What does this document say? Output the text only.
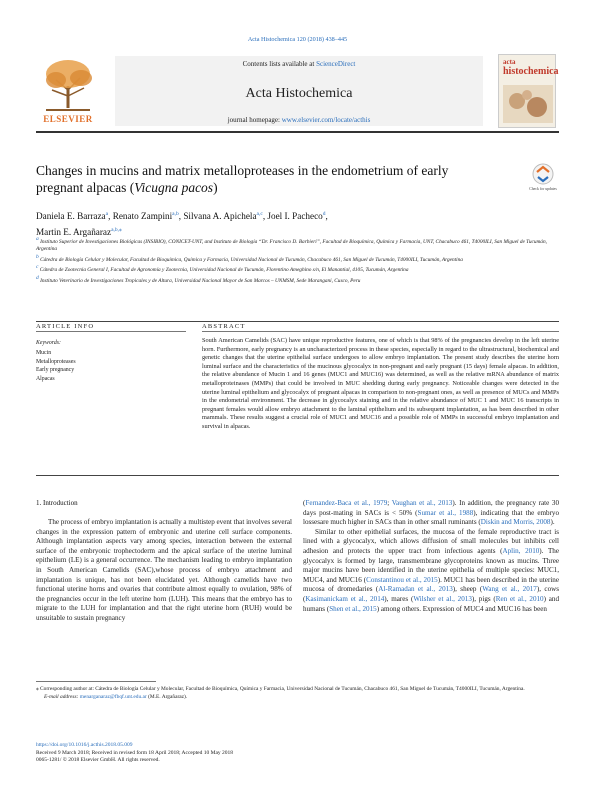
Acta Histochemica 120 (2018) 438–445
ELSEVIER
Contents lists available at ScienceDirect
Acta Histochemica
journal homepage: www.elsevier.com/locate/acthis
acta
histochemica
Changes in mucins and matrix metalloproteases in the endometrium of early pregnant alpacas (Vicugna pacos)	Check for updates
Daniela E. Barraza$^a$, Renato Zampini$^{a,b}$, Silvana A. Apichela$^{a,c}$, Joel I. Pacheco$^d$,
Martin E. Argañaraz$^{a,b,⁎}$
$^a$ Instituto Superior de Investigaciones Biológicas (INSIBIO), CONICET-UNT, and Instituto de Biología “Dr. Francisco D. Barbieri”, Facultad de Bioquímica, Química y Farmacia, UNT, Chacabuco 461, T4000ILI, San Miguel de Tucumán, Argentina
$^b$ Cátedra de Biología Celular y Molecular, Facultad de Bioquímica, Química y Farmacia, Universidad Nacional de Tucumán, Chacabuco 461, San Miguel de Tucumán, T4000ILI, Tucumán, Argentina
$^c$ Cátedra de Zootecnia General I, Facultad de Agronomía y Zootecnia, Universidad Nacional de Tucumán, Florentino Ameghino s/n, El Manantial, 4105, Tucumán, Argentina
$^d$ Instituto Veterinario de Investigaciones Tropicales y de Altura, Universidad Nacional Mayor de San Marcos – UNMSM, Sede Marangani, Cusco, Peru
ARTICLE INFO
Keywords:
Mucin
Metalloproteases
Early pregnancy
Alpacas
ABSTRACT
South American Camelids (SAC) have unique reproductive features, one of which is that 98% of the pregnancies develop in the left uterine horn. Furthermore, early pregnancy is an uncharacterized process in these species, especially in regard to the ultrastructural, biochemical and genetic changes that the uterine epithelial surface undergoes to allow embryo implantation. The present study describes the uterine horn luminal surface and the characteristics of the mucinous glycocalyx in non-pregnant and early pregnant (15 days) female alpacas. In addition, the relative abundance of Mucin 1 and 16 genes (MUC1 and MUC16) was determined, as well as the relative mRNA abundance of matrix metalloproteinases (MMPs) that could be involved in MUC shedding during early pregnancy. Noticeable changes were detected in the uterine luminal epithelium and glycocalyx of pregnant alpacas in comparison to non-pregnant ones, as well as presence of MUCs and MMPs in the endometrial environment. The decrease in glycocalyx staining and in the relative abundance of MUC 1 and MUC 16 transcripts in pregnant females would allow embryo attachment to the laminal epithelium and its subsequent implantation, as has been described in other mammals. These results suggest a crucial role of MUC1 and MUC16 and a possible role of MMPs in successful embryo implantation and survival in alpacas.
1. Introduction

The process of embryo implantation is actually a multistep event that involves several changes in the expression pattern of embryonic and uterine cell surface components. Although implantation aspects vary among species, interaction between the external surface of the embryonic trophectoderm and the apical surface of the uterine luminal epithelium (LE) is a general occurrence. The mechanism leading to embryo implantation in South American Camelids (SAC),whose process of embryo attachment and implantation is unique, has not been elucidated yet. Although camelids have two functional uterine horns and ovaries that contribute almost equally to ovulation, 98% of the pregnancies occur in the left uterine horn (LUH). This means that the embryo has to migrate to the LUH for implantation and that the right uterine horn (RUH) would be unsuitable to sustain pregnancy

(Fernandez-Baca et al., 1979; Vaughan et al., 2013). In addition, the pregnancy rate 30 days post-mating in SACs is < 50% (Sumar et al., 1988), indicating that the embryo lossesare much higher in SACs than in other small ruminants (Diskin and Morris, 2008).

Similar to other epithelial surfaces, the mucosa of the female reproductive tract is lined with a glycocalyx, which allows diffusion of small molecules but inhibits cell adhesion and protects the upper tract from infectious agents (Aplin, 2010). The glycocalyx is formed by large, transmembrane glycoproteins known as mucins. Three major mucins have been identified in the uterine epithelia of multiple species: MUC1, MUC4, and MUC16 (Constantinou et al., 2015). MUC1 has been described in the uterine mucosa of dromedaries (Al-Ramadan et al., 2013), sheep (Wang et al., 2017), cows (Kasimanickam et al., 2014), mares (Wilsher et al., 2013), pigs (Ren et al., 2010) and humans (Shen et al., 2015) among others. Expression of MUC4 and MUC16 has been

⁎ Corresponding author at: Cátedra de Biología Celular y Molecular, Facultad de Bioquímica, Química y Farmacia, Universidad Nacional de Tucumán, Chacabuco 461, San Miguel de Tucumán, T4000ILI, Tucumán, Argentina.
E-mail address: menarganaraz@fbqf.unt.edu.ar (M.E. Argañaraz).
https://doi.org/10.1016/j.acthis.2018.05.009
Received 9 March 2018; Received in revised form 18 April 2018; Accepted 10 May 2018
0065-1281/ © 2018 Elsevier GmbH. All rights reserved.
